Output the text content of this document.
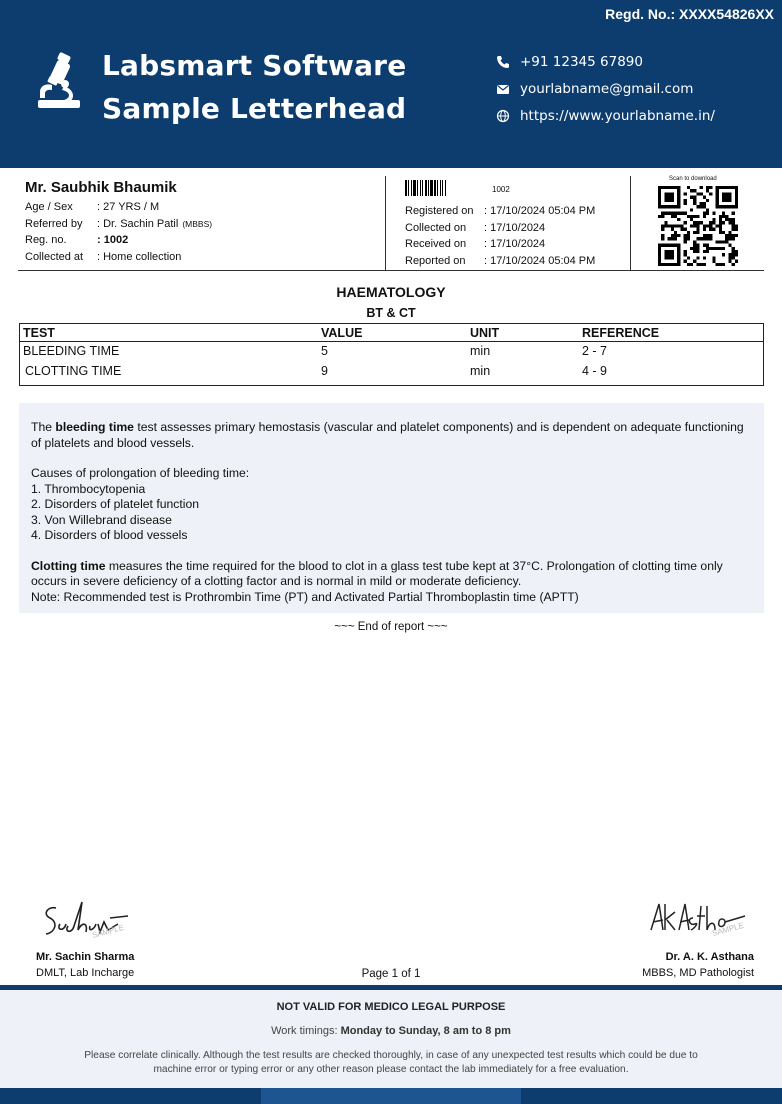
Regd. No.: XXXX54826XX
Labsmart Software
Sample Letterhead
+91 12345 67890
yourlabname@gmail.com
https://www.yourlabname.in/
Mr. Saubhik Bhaumik
Age / Sex	: 27 YRS / M
Referred by	: Dr. Sachin Patil (MBBS)
Reg. no.	: 1002
Collected at	: Home collection
1002
Registered on : 17/10/2024 05:04 PM
Collected on	: 17/10/2024
Received on	: 17/10/2024
Reported on	: 17/10/2024 05:04 PM
Scan to download
HAEMATOLOGY
BT & CT
TEST	VALUE	UNIT	REFERENCE
BLEEDING TIME	5	min	2 - 7
CLOTTING TIME	9	min	4 - 9

The bleeding time test assesses primary hemostasis (vascular and platelet components) and is dependent on adequate functioning of platelets and blood vessels.

Causes of prolongation of bleeding time:

1. Thrombocytopenia

2. Disorders of platelet function

3. Von Willebrand disease

4. Disorders of blood vessels

Clotting time measures the time required for the blood to clot in a glass test tube kept at 37°C. Prolongation of clotting time only occurs in severe deficiency of a clotting factor and is normal in mild or moderate deficiency.

Note: Recommended test is Prothrombin Time (PT) and Activated Partial Thromboplastin time (APTT)

~~~ End of report ~~~
SAMPLE
Mr. Sachin Sharma
DMLT, Lab Incharge
SAMPLE
Dr. A. K. Asthana
MBBS, MD Pathologist
Page 1 of 1
NOT VALID FOR MEDICO LEGAL PURPOSE
Work timings: Monday to Sunday, 8 am to 8 pm
Please correlate clinically. Although the test results are checked thoroughly, in case of any unexpected test results which could be due to machine error or typing error or any other reason please contact the lab immediately for a free evaluation.
